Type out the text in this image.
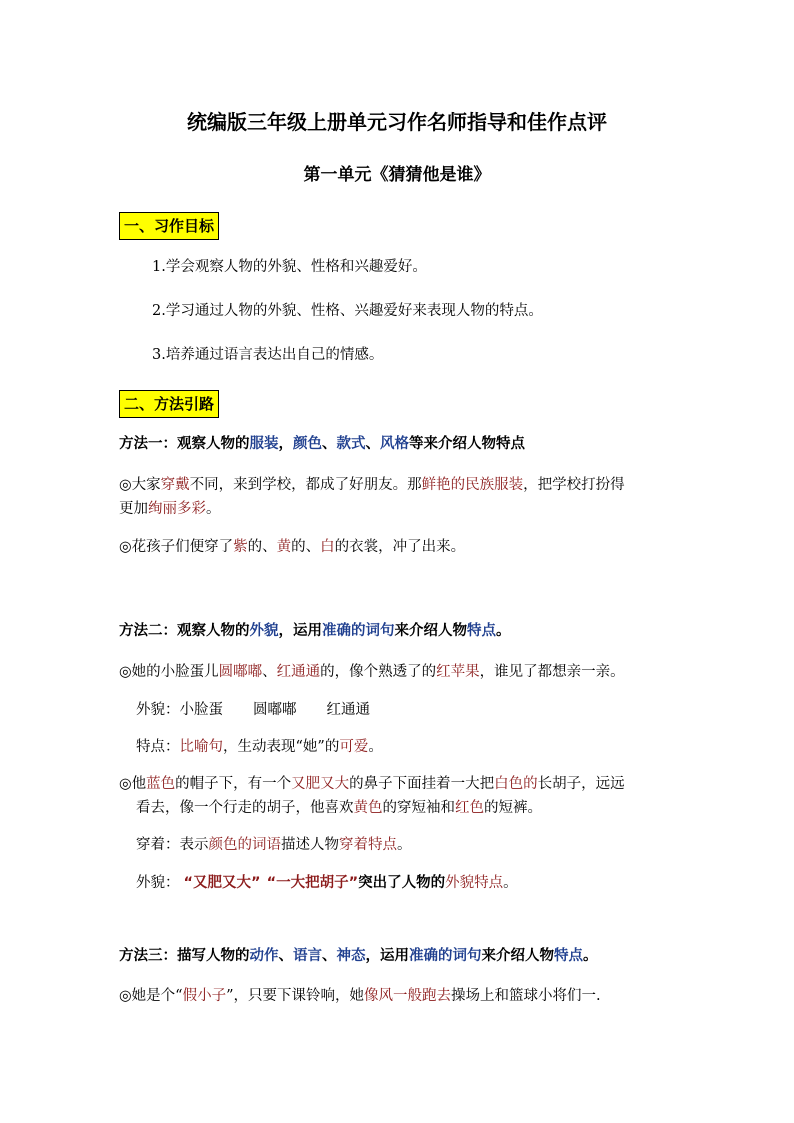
统编版三年级上册单元习作名师指导和佳作点评
第一单元《猜猜他是谁》
一、习作目标
1.学会观察人物的外貌、性格和兴趣爱好。
2.学习通过人物的外貌、性格、兴趣爱好来表现人物的特点。
3.培养通过语言表达出自己的情感。
二、方法引路
方法一：观察人物的服装，颜色、款式、风格等来介绍人物特点
◎大家穿戴不同，来到学校，都成了好朋友。那鲜艳的民族服装，把学校打扮得
更加绚丽多彩。
◎花孩子们便穿了紫的、黄的、白的衣裳，冲了出来。
方法二：观察人物的外貌，运用准确的词句来介绍人物特点。
◎她的小脸蛋儿圆嘟嘟、红通通的，像个熟透了的红苹果，谁见了都想亲一亲。
外貌：小脸蛋 圆嘟嘟 红通通
特点：比喻句，生动表现“她”的可爱。
◎他蓝色的帽子下，有一个又肥又大的鼻子下面挂着一大把白色的长胡子，远远
看去，像一个行走的胡子，他喜欢黄色的穿短袖和红色的短裤。
穿着：表示颜色的词语描述人物穿着特点。
外貌： “又肥又大” “一大把胡子”突出了人物的外貌特点。
方法三：描写人物的动作、语言、神态，运用准确的词句来介绍人物特点。
◎她是个“假小子”，只要下课铃响，她像风一般跑去操场上和篮球小将们一.
